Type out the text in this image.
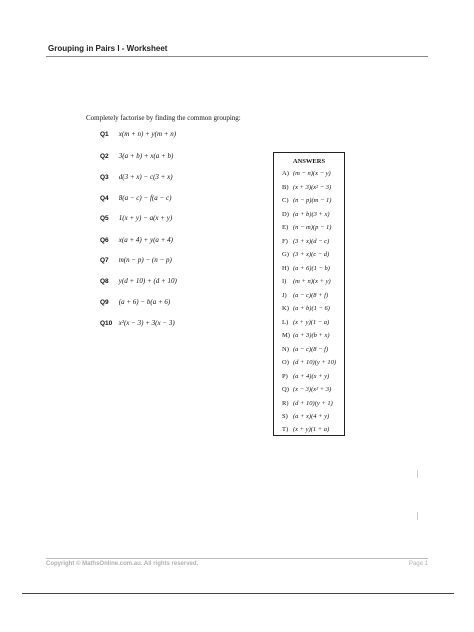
Grouping in Pairs I - Worksheet
Completely factorise by finding the common grouping:
Q1 x(m + n) + y(m + n)
Q2 3(a + b) + x(a + b)
Q3 d(3 + x) − c(3 + x)
Q4 8(a − c) − f(a − c)
Q5 1(x + y) − a(x + y)
Q6 x(a + 4) + y(a + 4)
Q7 m(n − p) − (n − p)
Q8 y(d + 10) + (d + 10)
Q9 (a + 6) − b(a + 6)
Q10 x²(x − 3) + 3(x − 3)
ANSWERS
A) (m − n)(x − y)
B) (x + 3)(x² − 3)
C) (n − p)(m − 1)
D) (a + b)(3 + x)
E) (n − m)(p − 1)
F) (3 + x)(d − c)
G) (3 + x)(c − d)
H) (a + 6)(1 − b)
I) (m + n)(x + y)
J) (a − c)(8 + f)
K) (a + b)(1 − 6)
L) (x + y)(1 − a)
M) (a + 3)(b + x)
N) (a − c)(8 − f)
O) (d + 10)(y + 10)
P) (a + 4)(x + y)
Q) (x − 3)(x² + 3)
R) (d + 10)(y + 1)
S) (a + x)(4 + y)
T) (x + y)(1 + a)
Copyright © MathsOnline.com.au. All rights reserved.	Page 1
